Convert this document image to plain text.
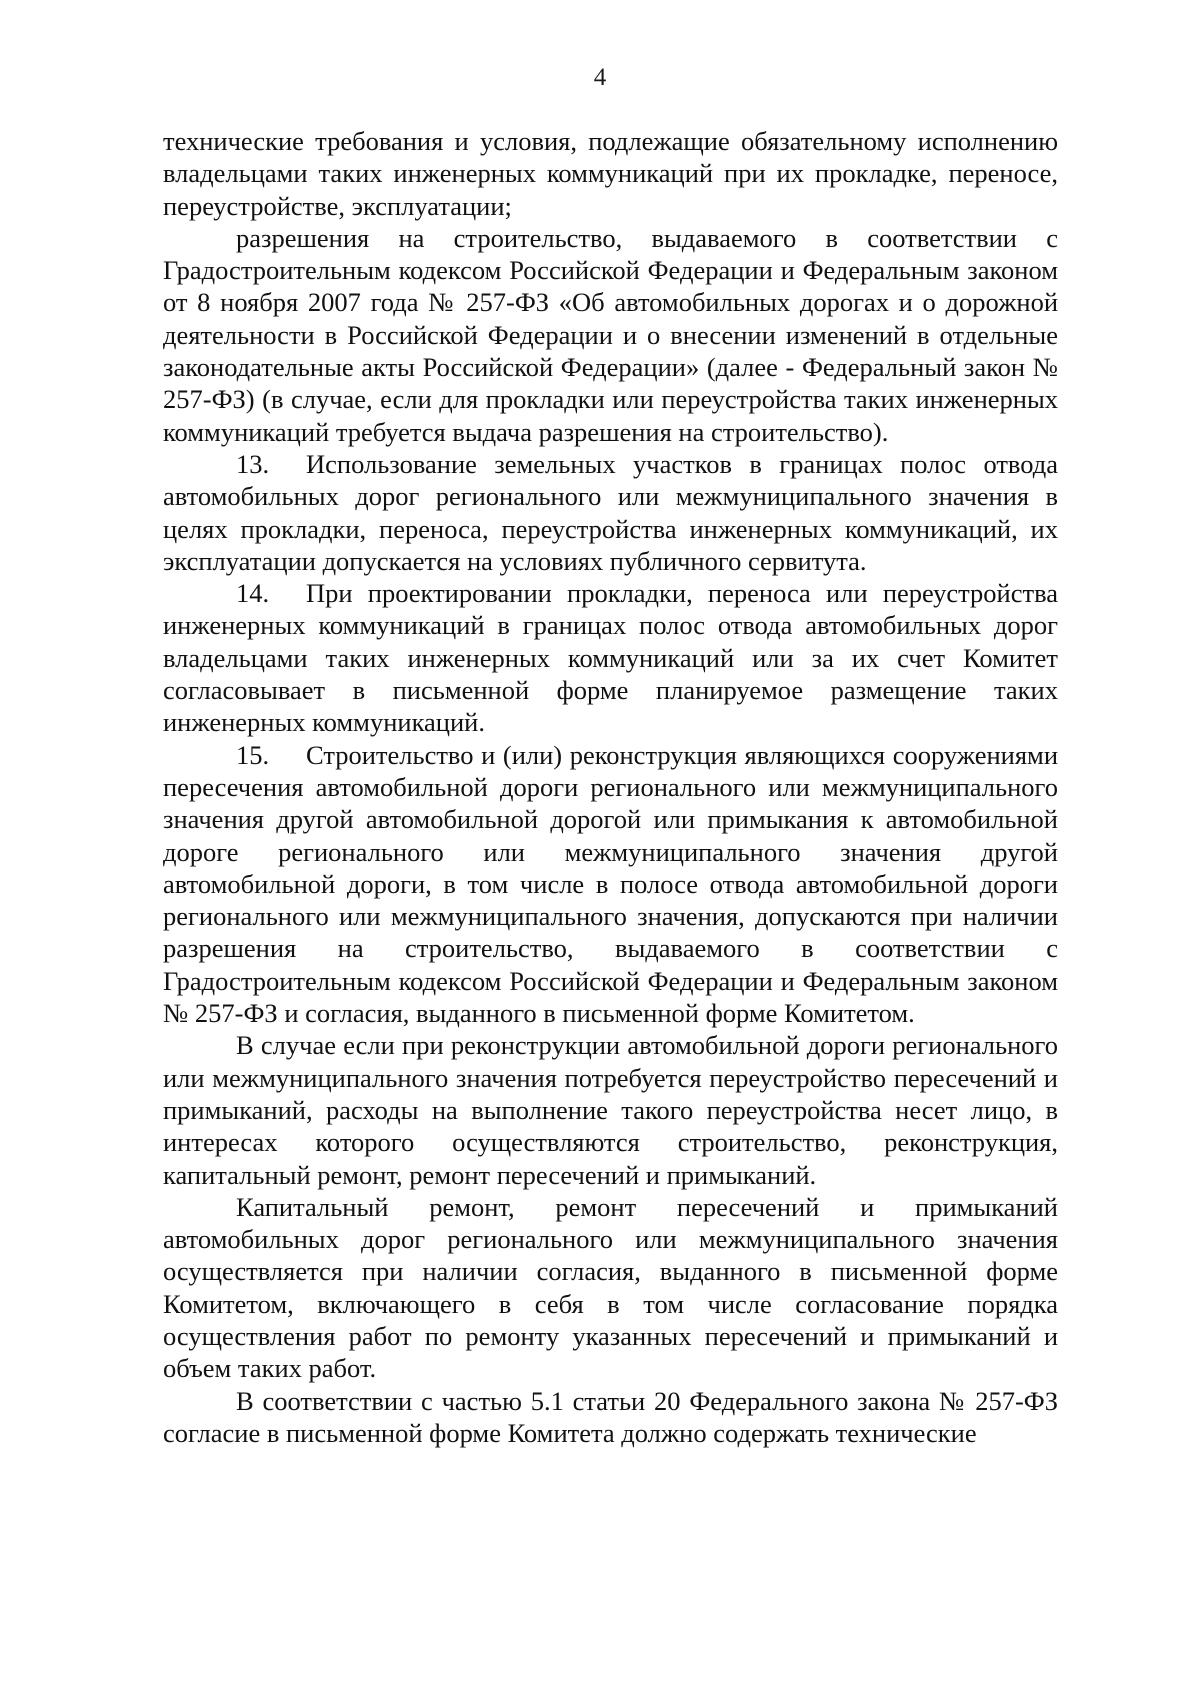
4

технические требования и условия, подлежащие обязательному исполнению владельцами таких инженерных коммуникаций при их прокладке, переносе, переустройстве, эксплуатации;

разрешения на строительство, выдаваемого в соответствии с Градостроительным кодексом Российской Федерации и Федеральным законом от 8 ноября 2007 года № 257-ФЗ «Об автомобильных дорогах и о дорожной деятельности в Российской Федерации и о внесении изменений в отдельные законодательные акты Российской Федерации» (далее - Федеральный закон № 257-ФЗ) (в случае, если для прокладки или переустройства таких инженерных коммуникаций требуется выдача разрешения на строительство).

13. Использование земельных участков в границах полос отвода автомобильных дорог регионального или межмуниципального значения в целях прокладки, переноса, переустройства инженерных коммуникаций, их эксплуатации допускается на условиях публичного сервитута.

14. При проектировании прокладки, переноса или переустройства инженерных коммуникаций в границах полос отвода автомобильных дорог владельцами таких инженерных коммуникаций или за их счет Комитет согласовывает в письменной форме планируемое размещение таких инженерных коммуникаций.

15. Строительство и (или) реконструкция являющихся сооружениями пересечения автомобильной дороги регионального или межмуниципального значения другой автомобильной дорогой или примыкания к автомобильной дороге регионального или межмуниципального значения другой автомобильной дороги, в том числе в полосе отвода автомобильной дороги регионального или межмуниципального значения, допускаются при наличии разрешения на строительство, выдаваемого в соответствии с Градостроительным кодексом Российской Федерации и Федеральным законом № 257-ФЗ и согласия, выданного в письменной форме Комитетом.

В случае если при реконструкции автомобильной дороги регионального или межмуниципального значения потребуется переустройство пересечений и примыканий, расходы на выполнение такого переустройства несет лицо, в интересах которого осуществляются строительство, реконструкция, капитальный ремонт, ремонт пересечений и примыканий.

Капитальный ремонт, ремонт пересечений и примыканий автомобильных дорог регионального или межмуниципального значения осуществляется при наличии согласия, выданного в письменной форме Комитетом, включающего в себя в том числе согласование порядка осуществления работ по ремонту указанных пересечений и примыканий и объем таких работ.

В соответствии с частью 5.1 статьи 20 Федерального закона № 257-ФЗ согласие в письменной форме Комитета должно содержать технические
